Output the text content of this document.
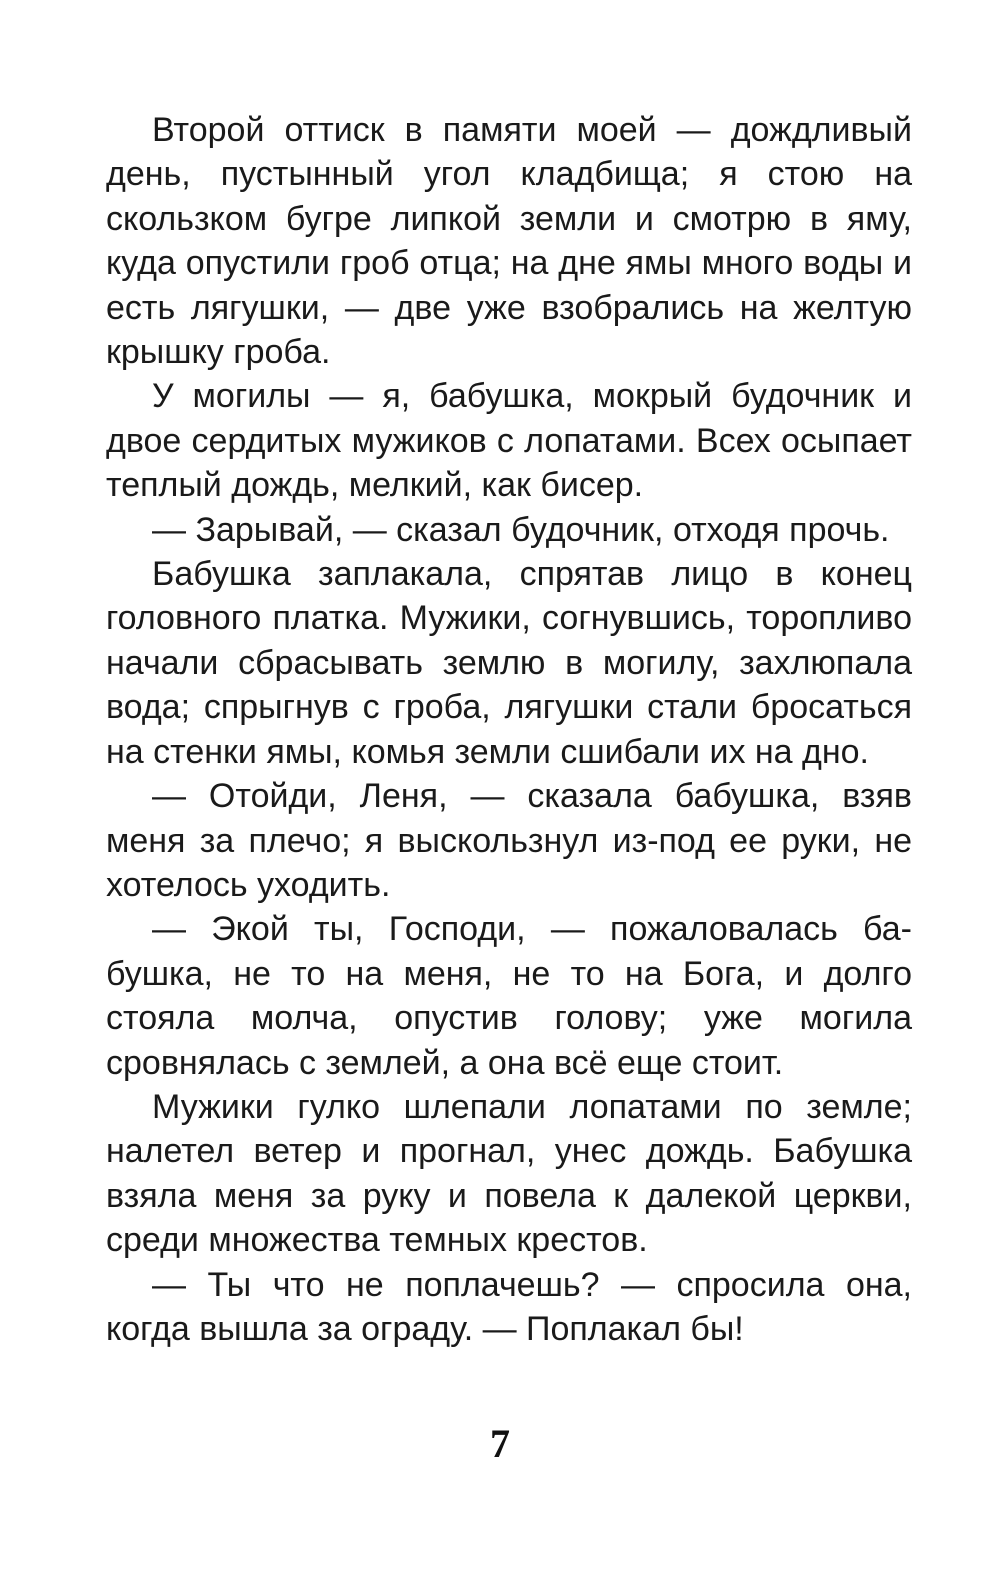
Второй оттиск в памяти моей — дождливый день, пустынный угол кладбища; я стою на скользком бугре липкой земли и смотрю в яму, куда опустили гроб отца; на дне ямы много воды и есть лягушки, — две уже взобрались на желтую крышку гроба.

У могилы — я, бабушка, мокрый будочник и двое сердитых мужиков с лопатами. Всех осыпает теплый дождь, мелкий, как бисер.

— Зарывай, — сказал будочник, отходя прочь.

Бабушка заплакала, спрятав лицо в конец головного платка. Мужики, согнувшись, торопливо начали сбрасывать землю в могилу, захлюпала вода; спрыгнув с гроба, лягушки стали бросаться на стенки ямы, комья земли сшибали их на дно.

— Отойди, Леня, — сказала бабушка, взяв меня за плечо; я выскользнул из-под ее руки, не хотелось уходить.

— Экой ты, Господи, — пожаловалась бабушка, не то на меня, не то на Бога, и долго стояла молча, опустив голову; уже могила сровнялась с землей, а она всё еще стоит.

Мужики гулко шлепали лопатами по земле; налетел ветер и прогнал, унес дождь. Бабушка взяла меня за руку и повела к далекой церкви, среди множества темных крестов.

— Ты что не поплачешь? — спросила она, когда вышла за ограду. — Поплакал бы!

7
